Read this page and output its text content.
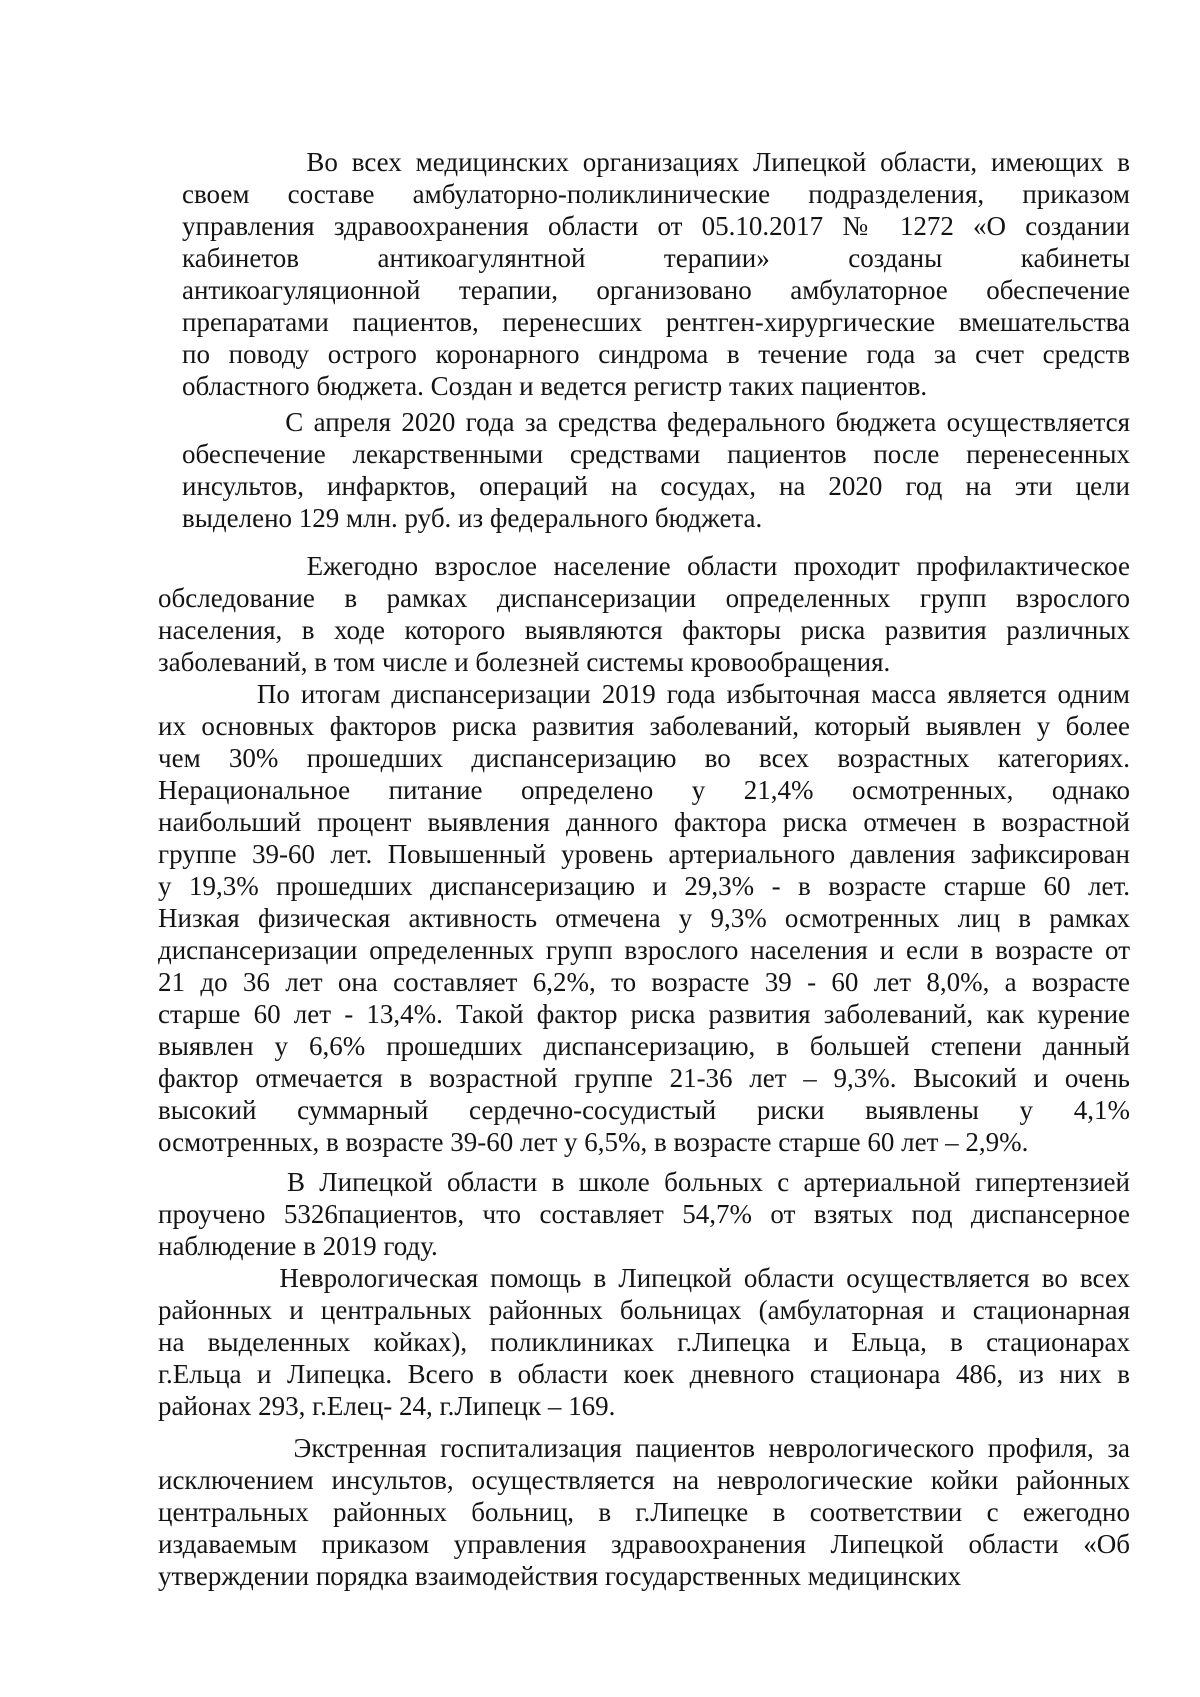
Во всех медицинских организациях Липецкой области, имеющих в
своем составе амбулаторно-поликлинические подразделения, приказом
управления здравоохранения области от 05.10.2017 № 1272 «О создании
кабинетов антикоагулянтной терапии» созданы кабинеты
антикоагуляционной терапии, организовано амбулаторное обеспечение
препаратами пациентов, перенесших рентген-хирургические вмешательства
по поводу острого коронарного синдрома в течение года за счет средств
областного бюджета. Создан и ведется регистр таких пациентов.
С апреля 2020 года за средства федерального бюджета осуществляется
обеспечение лекарственными средствами пациентов после перенесенных
инсультов, инфарктов, операций на сосудах, на 2020 год на эти цели
выделено 129 млн. руб. из федерального бюджета.
Ежегодно взрослое население области проходит профилактическое
обследование в рамках диспансеризации определенных групп взрослого
населения, в ходе которого выявляются факторы риска развития различных
заболеваний, в том числе и болезней системы кровообращения.
По итогам диспансеризации 2019 года избыточная масса является одним
их основных факторов риска развития заболеваний, который выявлен у более
чем 30% прошедших диспансеризацию во всех возрастных категориях.
Нерациональное питание определено у 21,4% осмотренных, однако
наибольший процент выявления данного фактора риска отмечен в возрастной
группе 39-60 лет. Повышенный уровень артериального давления зафиксирован
у 19,3% прошедших диспансеризацию и 29,3% - в возрасте старше 60 лет.
Низкая физическая активность отмечена у 9,3% осмотренных лиц в рамках
диспансеризации определенных групп взрослого населения и если в возрасте от
21 до 36 лет она составляет 6,2%, то возрасте 39 - 60 лет 8,0%, а возрасте
старше 60 лет - 13,4%. Такой фактор риска развития заболеваний, как курение
выявлен у 6,6% прошедших диспансеризацию, в большей степени данный
фактор отмечается в возрастной группе 21-36 лет – 9,3%. Высокий и очень
высокий суммарный сердечно-сосудистый риски выявлены у 4,1%
осмотренных, в возрасте 39-60 лет у 6,5%, в возрасте старше 60 лет – 2,9%.
В Липецкой области в школе больных с артериальной гипертензией
проучено 5326пациентов, что составляет 54,7% от взятых под диспансерное
наблюдение в 2019 году.
Неврологическая помощь в Липецкой области осуществляется во всех
районных и центральных районных больницах (амбулаторная и стационарная
на выделенных койках), поликлиниках г.Липецка и Ельца, в стационарах
г.Ельца и Липецка. Всего в области коек дневного стационара 486, из них в
районах 293, г.Елец- 24, г.Липецк – 169.
Экстренная госпитализация пациентов неврологического профиля, за
исключением инсультов, осуществляется на неврологические койки районных
центральных районных больниц, в г.Липецке в соответствии с ежегодно
издаваемым приказом управления здравоохранения Липецкой области «Об
утверждении порядка взаимодействия государственных медицинских
